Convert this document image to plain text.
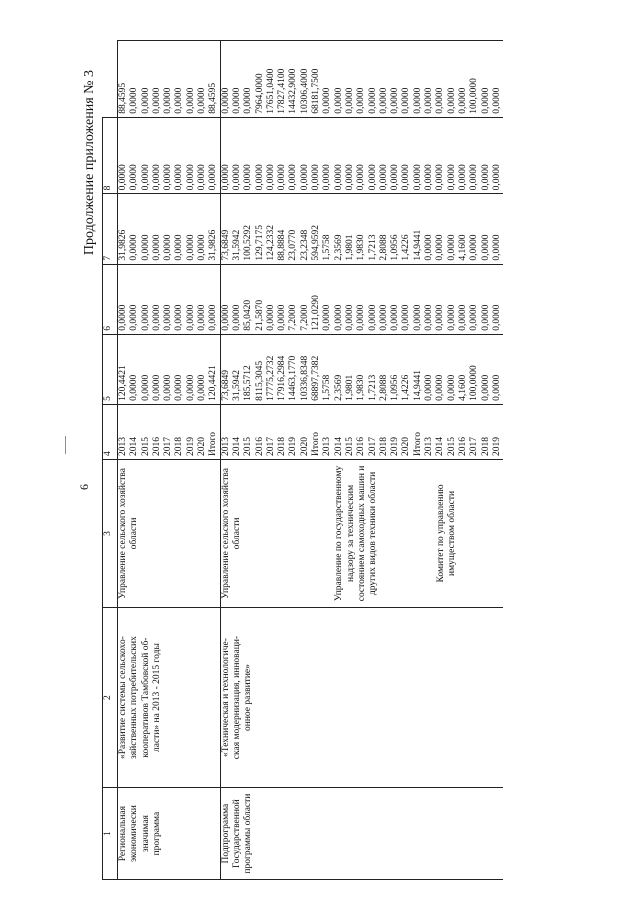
——
6
Продолжение приложения № 3
1	2	3	4	5	6	7	8	
Региональная
экономически значимая
программа	«Развитие системы сельскохо-
зяйственных потребительских
кооперативов Тамбовской об-
ласти» на 2013 - 2015 годы	Управление сельского хозяйства
области	2013	120,4421	0,0000	31,9826	0,0000	88,4595
			2014	0,0000	0,0000	0,0000	0,0000	0,0000
			2015	0,0000	0,0000	0,0000	0,0000	0,0000
			2016	0,0000	0,0000	0,0000	0,0000	0,0000
			2017	0,0000	0,0000	0,0000	0,0000	0,0000
			2018	0,0000	0,0000	0,0000	0,0000	0,0000
			2019	0,0000	0,0000	0,0000	0,0000	0,0000
			2020	0,0000	0,0000	0,0000	0,0000	0,0000
			Итого	120,4421	0,0000	31,9826	0,0000	88,4595
Подпрограмма
Государственной
программы области	«Техническая и технологиче-
ская модернизация, инноваци-
онное развитие»	Управление сельского хозяйства
области	2013	73,6849	0,0000	73,6849	0,0000	0,0000
			2014	31,5942	0,0000	31,5942	0,0000	0,0000
			2015	185,5712	85,0420	100,5292	0,0000	0,0000
			2016	8115,3045	21,5870	129,7175	0,0000	7964,0000
			2017	17775,2732	0,0000	124,2332	0,0000	17651,0400
			2018	17916,2984	0,0000	88,8884	0,0000	17827,4100
			2019	14463,1770	7,2000	23,0770	0,0000	14432,9000
			2020	10336,8348	7,2000	23,2348	0,0000	10306,4000
			Итого	68897,7382	121,0290	594,9592	0,0000	68181,7500
		Управление по государственному
надзору за техническим
состоянием самоходных машин и
других видов техники области	2013	1,5758	0,0000	1,5758	0,0000	0,0000
			2014	2,3569	0,0000	2,3569	0,0000	0,0000
			2015	1,9801	0,0000	1,9801	0,0000	0,0000
			2016	1,9830	0,0000	1,9830	0,0000	0,0000
			2017	1,7213	0,0000	1,7213	0,0000	0,0000
			2018	2,8088	0,0000	2,8088	0,0000	0,0000
			2019	1,0956	0,0000	1,0956	0,0000	0,0000
			2020	1,4226	0,0000	1,4226	0,0000	0,0000
			Итого	14,9441	0,0000	14,9441	0,0000	0,0000
		Комитет по управлению
имуществом области	2013	0,0000	0,0000	0,0000	0,0000	0,0000
			2014	0,0000	0,0000	0,0000	0,0000	0,0000
			2015	0,0000	0,0000	0,0000	0,0000	0,0000
			2016	4,1600	0,0000	4,1600	0,0000	0,0000
			2017	100,0000	0,0000	0,0000	0,0000	100,0000
			2018	0,0000	0,0000	0,0000	0,0000	0,0000
			2019	0,0000	0,0000	0,0000	0,0000	0,0000
